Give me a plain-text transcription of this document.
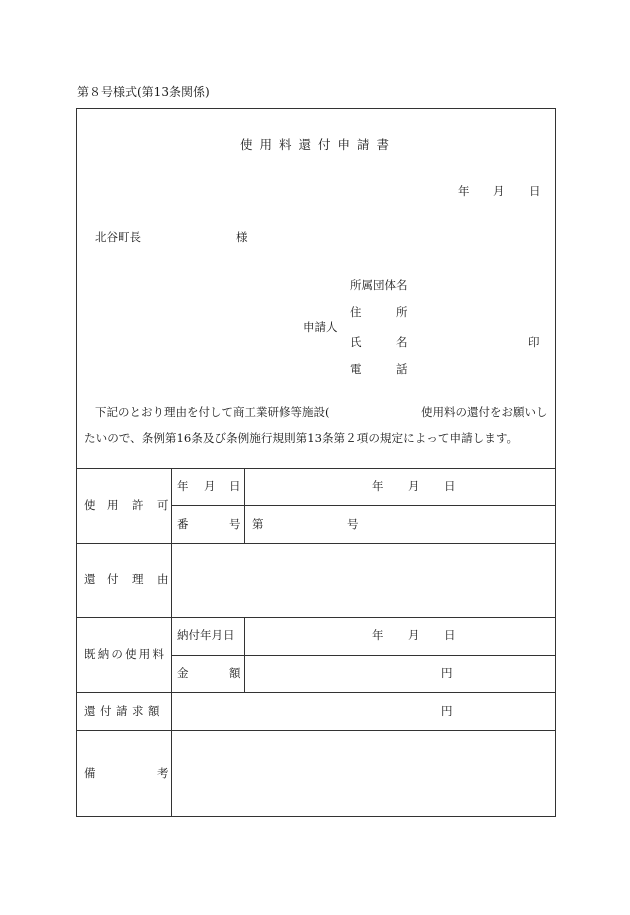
第８号様式(第13条関係)
使用料還付申請書
年 月 日
北谷町長	様
所属団体名
住	所
申請人
氏	名	印
電	話
下記のとおり理由を付して商工業研修等施設(	使用料の還付をお願いし
たいので、条例第16条及び条例施行規則第13条第２項の規定によって申請します。
使 用 許 可
年 月 日	年 月 日
番	号 第	号
還 付 理 由
既納の使用料
納付年月日	年 月 日
金	額	円
還付請求額	円
備	考
